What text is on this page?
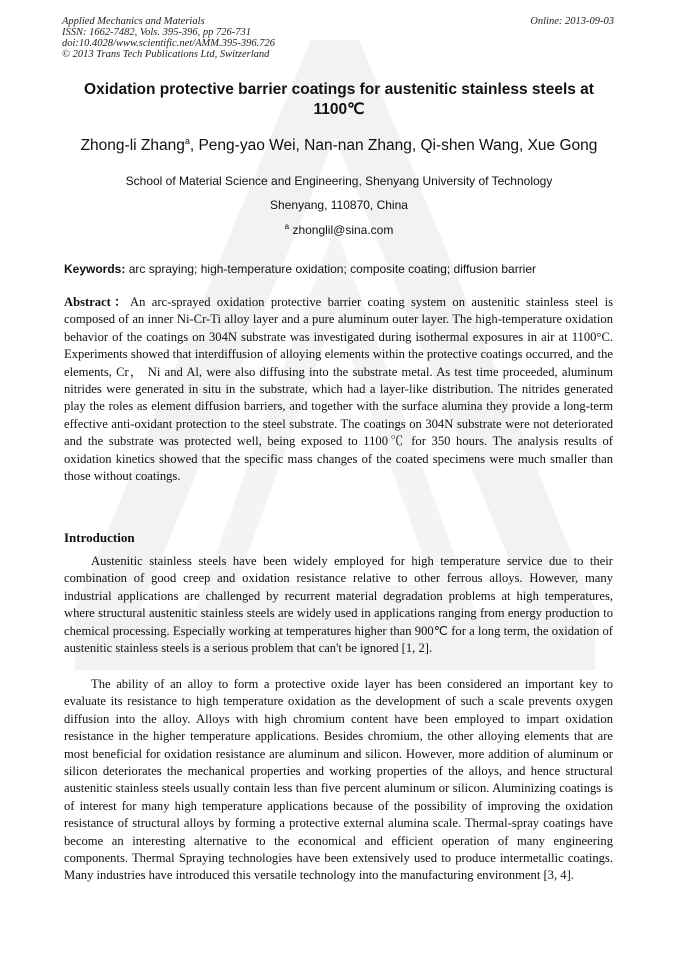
Applied Mechanics and Materials
ISSN: 1662-7482, Vols. 395-396, pp 726-731
doi:10.4028/www.scientific.net/AMM.395-396.726
© 2013 Trans Tech Publications Ltd, Switzerland
Online: 2013-09-03
Oxidation protective barrier coatings for austenitic stainless steels at
1100℃
Zhong-li Zhang$^a$, Peng-yao Wei, Nan-nan Zhang, Qi-shen Wang, Xue Gong
School of Material Science and Engineering, Shenyang University of Technology
Shenyang, 110870, China
$^a$ zhonglil@sina.com
Keywords: arc spraying; high-temperature oxidation; composite coating; diffusion barrier
Abstract：An arc-sprayed oxidation protective barrier coating system on austenitic stainless steel is composed of an inner Ni-Cr-Ti alloy layer and a pure aluminum outer layer. The high-temperature oxidation behavior of the coatings on 304N substrate was investigated during isothermal exposures in air at 1100°C. Experiments showed that interdiffusion of alloying elements within the protective coatings occurred, and the elements, Cr， Ni and Al, were also diffusing into the substrate metal. As test time proceeded, aluminum nitrides were generated in situ in the substrate, which had a layer-like distribution. The nitrides generated play the roles as element diffusion barriers, and together with the surface alumina they provide a long-term effective anti-oxidant protection to the steel substrate. The coatings on 304N substrate were not deteriorated and the substrate was protected well, being exposed to 1100℃ for 350 hours. The analysis results of oxidation kinetics showed that the specific mass changes of the coated specimens were much smaller than those without coatings.
Introduction
Austenitic stainless steels have been widely employed for high temperature service due to their combination of good creep and oxidation resistance relative to other ferrous alloys. However, many industrial applications are challenged by recurrent material degradation problems at high temperatures, where structural austenitic stainless steels are widely used in applications ranging from energy production to chemical processing. Especially working at temperatures higher than 900℃ for a long term, the oxidation of austenitic stainless steels is a serious problem that can't be ignored [1, 2].
The ability of an alloy to form a protective oxide layer has been considered an important key to evaluate its resistance to high temperature oxidation as the development of such a scale prevents oxygen diffusion into the alloy. Alloys with high chromium content have been employed to impart oxidation resistance in the higher temperature applications. Besides chromium, the other alloying elements that are most beneficial for oxidation resistance are aluminum and silicon. However, more addition of aluminum or silicon deteriorates the mechanical properties and working properties of the alloys, and hence structural austenitic stainless steels usually contain less than five percent aluminum or silicon. Aluminizing coatings is of interest for many high temperature applications because of the possibility of improving the oxidation resistance of structural alloys by forming a protective external alumina scale. Thermal-spray coatings have become an interesting alternative to the economical and efficient operation of many engineering components. Thermal Spraying technologies have been extensively used to produce intermetallic coatings. Many industries have introduced this versatile technology into the manufacturing environment [3, 4].
